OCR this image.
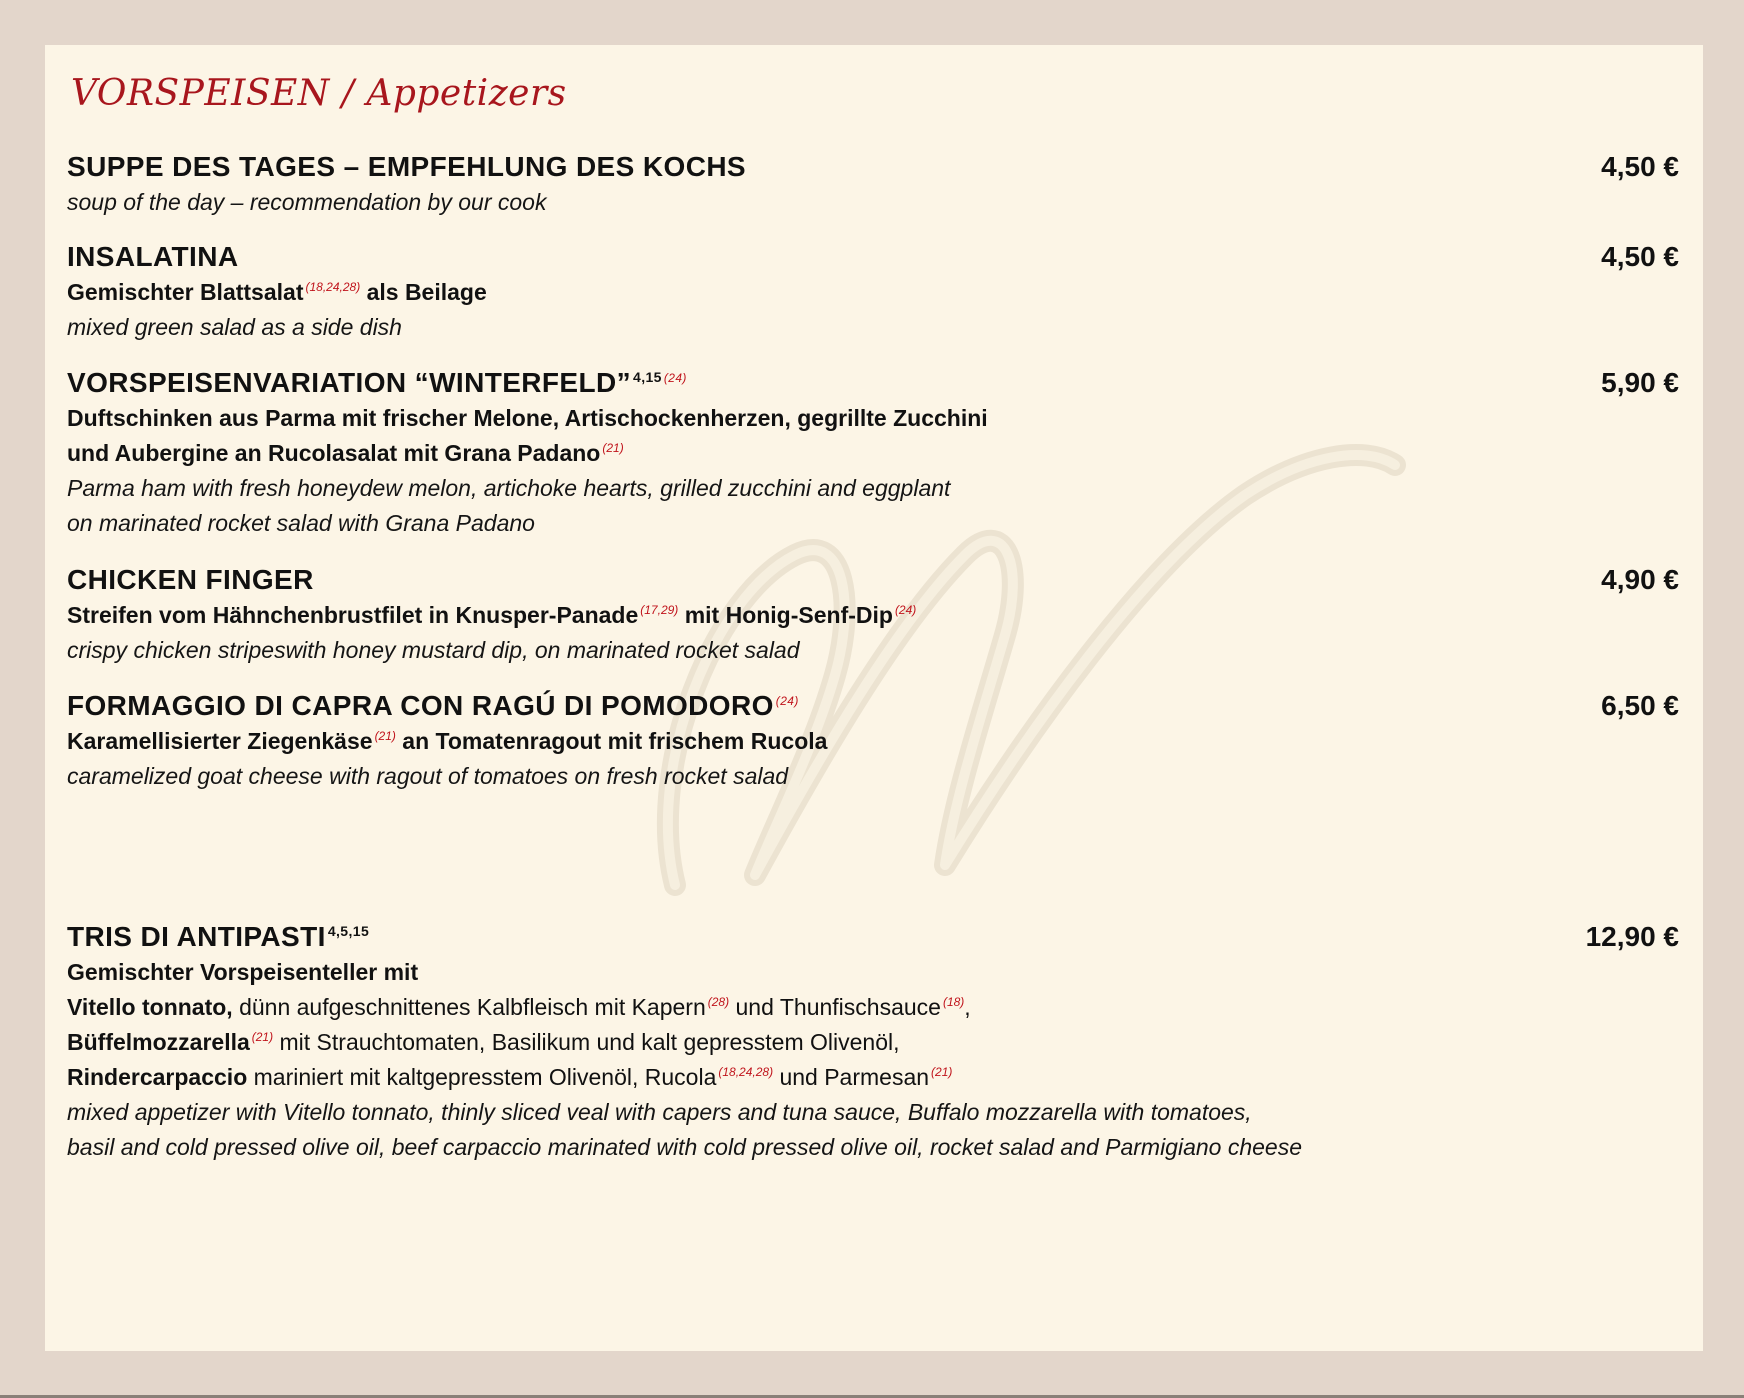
VORSPEISEN / Appetizers
SUPPE DES TAGES – EMPFEHLUNG DES KOCHS	4,50 €
soup of the day – recommendation by our cook
INSALATINA	4,50 €
Gemischter Blattsalat $^{(18,24,28)}$ als Beilage
mixed green salad as a side dish
VORSPEISENVARIATION “WINTERFELD” $^{4,15}$ $^{(24)}$	5,90 €
Duftschinken aus Parma mit frischer Melone, Artischockenherzen, gegrillte Zucchini
und Aubergine an Rucolasalat mit Grana Padano $^{(21)}$
Parma ham with fresh honeydew melon, artichoke hearts, grilled zucchini and eggplant
on marinated rocket salad with Grana Padano
CHICKEN FINGER	4,90 €
Streifen vom Hähnchenbrustfilet in Knusper-Panade $^{(17,29)}$ mit Honig-Senf-Dip $^{(24)}$
crispy chicken stripeswith honey mustard dip, on marinated rocket salad
FORMAGGIO DI CAPRA CON RAGÚ DI POMODORO $^{(24)}$	6,50 €
Karamellisierter Ziegenkäse $^{(21)}$ an Tomatenragout mit frischem Rucola
caramelized goat cheese with ragout of tomatoes on fresh rocket salad
TRIS DI ANTIPASTI $^{4,5,15}$	12,90 €
Gemischter Vorspeisenteller mit
Vitello tonnato, dünn aufgeschnittenes Kalbfleisch mit Kapern $^{(28)}$ und Thunfischsauce $^{(18)}$,
Büffelmozzarella $^{(21)}$ mit Strauchtomaten, Basilikum und kalt gepresstem Olivenöl,
Rindercarpaccio mariniert mit kaltgepresstem Olivenöl, Rucola $^{(18,24,28)}$ und Parmesan $^{(21)}$
mixed appetizer with Vitello tonnato, thinly sliced veal with capers and tuna sauce, Buffalo mozzarella with tomatoes,
basil and cold pressed olive oil, beef carpaccio marinated with cold pressed olive oil, rocket salad and Parmigiano cheese
